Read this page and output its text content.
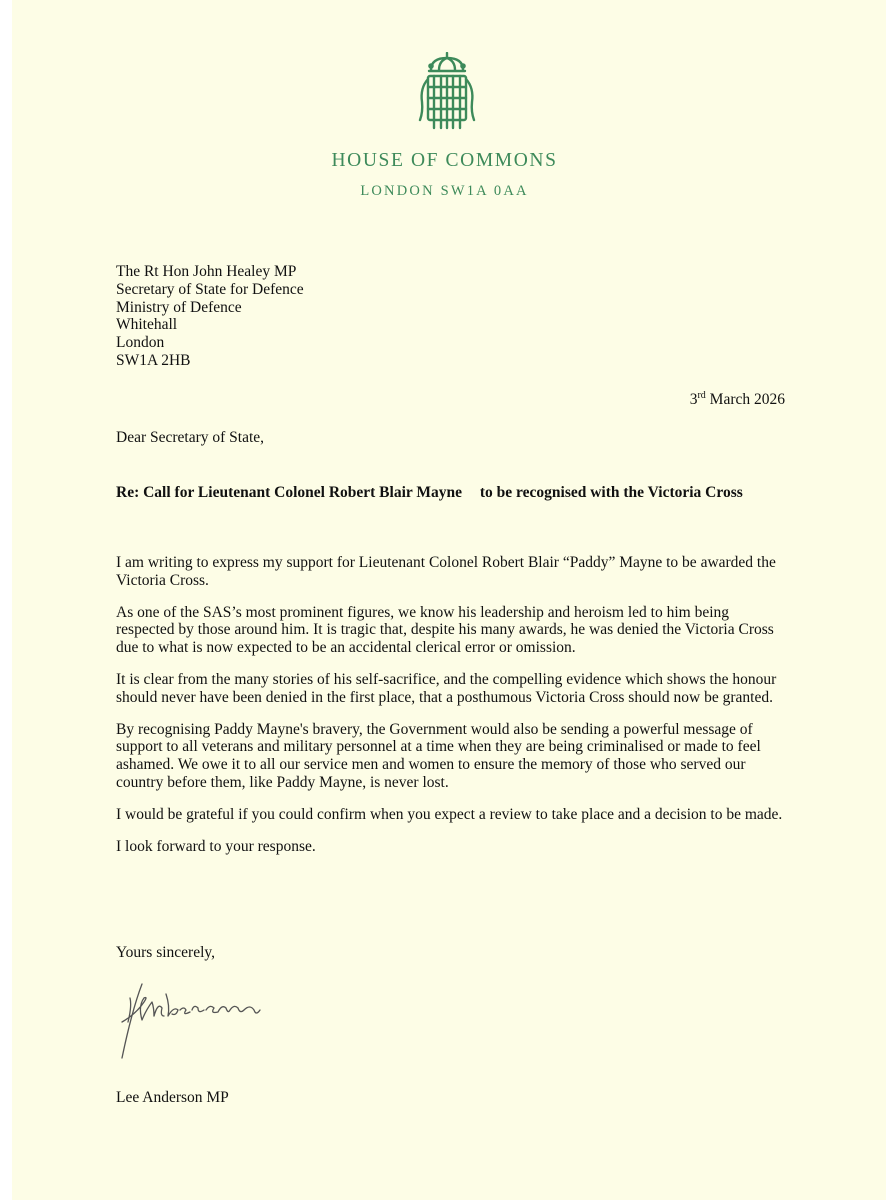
HOUSE OF COMMONS
LONDON SW1A 0AA
The Rt Hon John Healey MP
Secretary of State for Defence
Ministry of Defence
Whitehall
London
SW1A 2HB
3rd March 2026
Dear Secretary of State,
Re: Call for Lieutenant Colonel Robert Blair Mayne to be recognised with the Victoria Cross

I am writing to express my support for Lieutenant Colonel Robert Blair “Paddy” Mayne to be awarded the Victoria Cross.

As one of the SAS’s most prominent figures, we know his leadership and heroism led to him being respected by those around him. It is tragic that, despite his many awards, he was denied the Victoria Cross due to what is now expected to be an accidental clerical error or omission.

It is clear from the many stories of his self-sacrifice, and the compelling evidence which shows the honour should never have been denied in the first place, that a posthumous Victoria Cross should now be granted.

By recognising Paddy Mayne's bravery, the Government would also be sending a powerful message of support to all veterans and military personnel at a time when they are being criminalised or made to feel ashamed. We owe it to all our service men and women to ensure the memory of those who served our country before them, like Paddy Mayne, is never lost.

I would be grateful if you could confirm when you expect a review to take place and a decision to be made.

I look forward to your response.

Yours sincerely,
Lee Anderson MP
